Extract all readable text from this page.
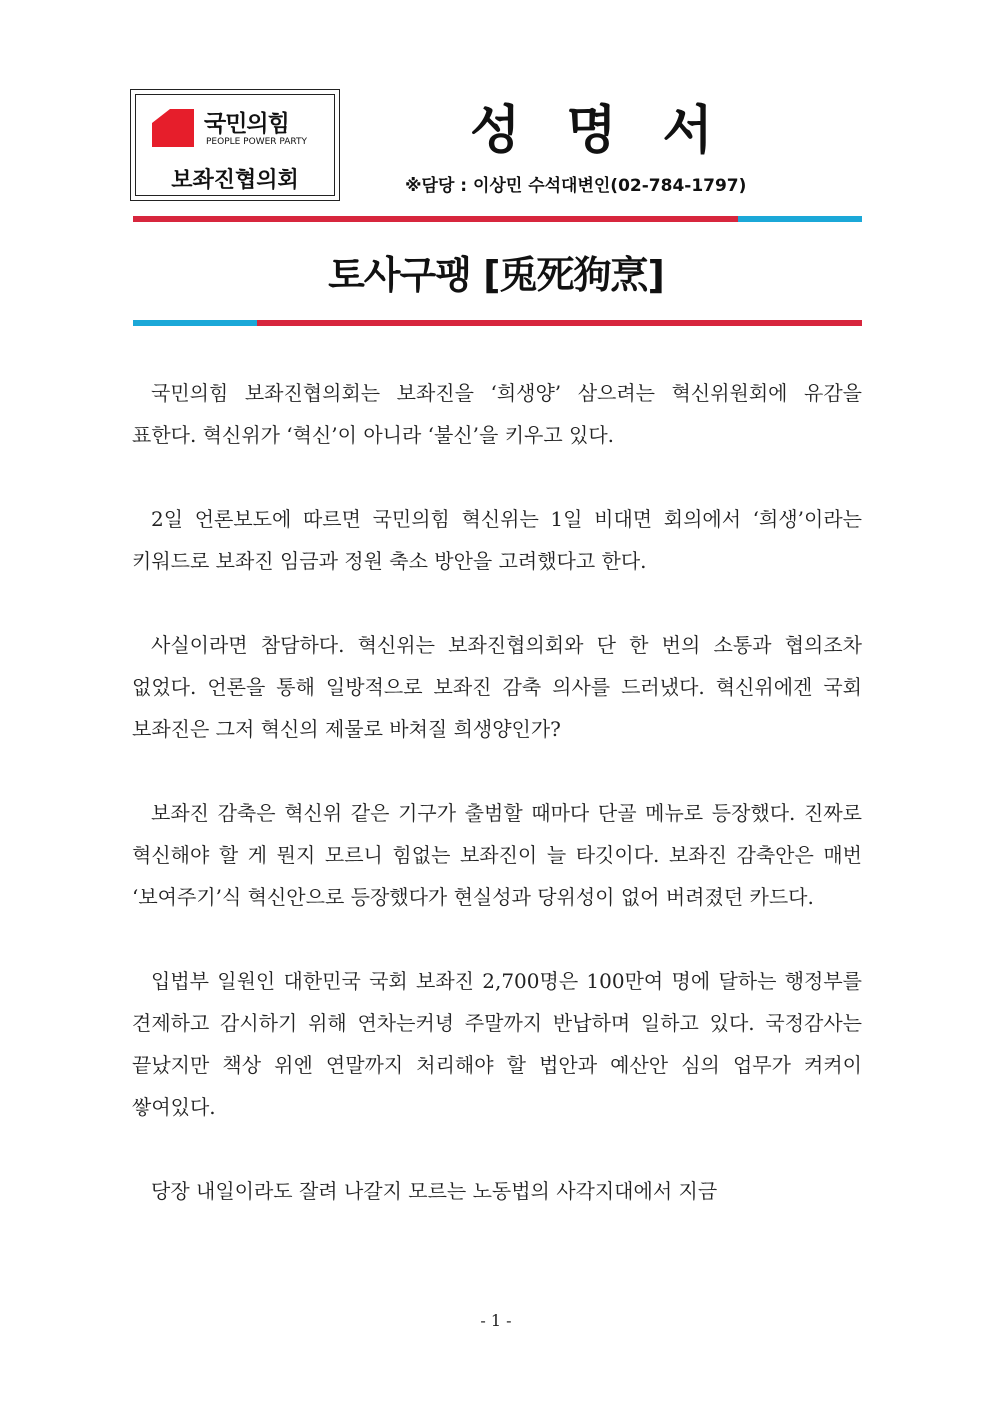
국민의힘
PEOPLE POWER PARTY
보좌진협의회
성명서
※담당 : 이상민 수석대변인(02-784-1797)
토사구팽 [兎死狗烹]

국민의힘 보좌진협의회는 보좌진을 ‘희생양’ 삼으려는 혁신위원회에 유감을 표한다. 혁신위가 ‘혁신’이 아니라 ‘불신’을 키우고 있다.

2일 언론보도에 따르면 국민의힘 혁신위는 1일 비대면 회의에서 ‘희생’이라는 키워드로 보좌진 임금과 정원 축소 방안을 고려했다고 한다.

사실이라면 참담하다. 혁신위는 보좌진협의회와 단 한 번의 소통과 협의조차 없었다. 언론을 통해 일방적으로 보좌진 감축 의사를 드러냈다. 혁신위에겐 국회 보좌진은 그저 혁신의 제물로 바쳐질 희생양인가?

보좌진 감축은 혁신위 같은 기구가 출범할 때마다 단골 메뉴로 등장했다. 진짜로 혁신해야 할 게 뭔지 모르니 힘없는 보좌진이 늘 타깃이다. 보좌진 감축안은 매번 ‘보여주기’식 혁신안으로 등장했다가 현실성과 당위성이 없어 버려졌던 카드다.

입법부 일원인 대한민국 국회 보좌진 2,700명은 100만여 명에 달하는 행정부를 견제하고 감시하기 위해 연차는커녕 주말까지 반납하며 일하고 있다. 국정감사는 끝났지만 책상 위엔 연말까지 처리해야 할 법안과 예산안 심의 업무가 켜켜이 쌓여있다.

당장 내일이라도 잘려 나갈지 모르는 노동법의 사각지대에서 지금

- 1 -
